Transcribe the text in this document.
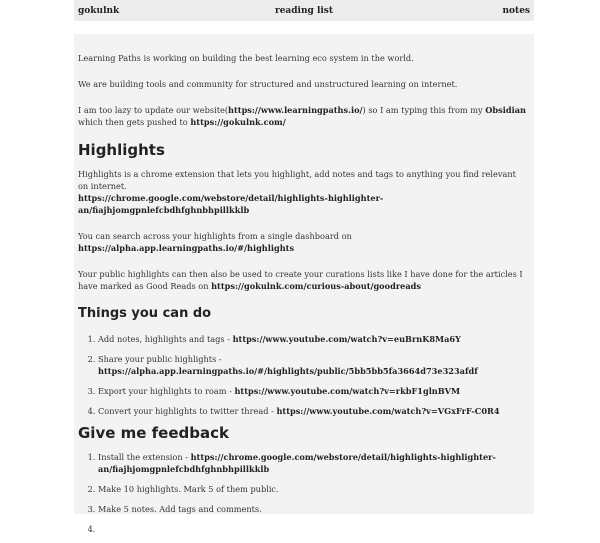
gokulnk	reading list	notes

Learning Paths is working on building the best learning eco system in the world.

We are building tools and community for structured and unstructured learning on internet.

I am too lazy to update our website(https://www.learningpaths.io/) so I am typing this from my Obsidian which then gets pushed to https://gokulnk.com/

Highlights

Highlights is a chrome extension that lets you highlight, add notes and tags to anything you find relevant on internet.
https://chrome.google.com/webstore/detail/highlights-highlighter-an/fiajhjomgpnlefcbdhfghnbhpillkklb

You can search across your highlights from a single dashboard on https://alpha.app.learningpaths.io/#/highlights

Your public highlights can then also be used to create your curations lists like I have done for the articles I have marked as Good Reads on https://gokulnk.com/curious-about/goodreads

Things you can do
1. Add notes, highlights and tags - https://www.youtube.com/watch?v=euBrnK8Ma6Y
2. Share your public highlights - https://alpha.app.learningpaths.io/#/highlights/public/5bb5bb5fa3664d73e323afdf
3. Export your highlights to roam - https://www.youtube.com/watch?v=rkbF1glnBVM
4. Convert your highlights to twitter thread - https://www.youtube.com/watch?v=VGxFrF-C0R4
Give me feedback
1. Install the extension - https://chrome.google.com/webstore/detail/highlights-highlighter-an/fiajhjomgpnlefcbdhfghnbhpillkklb
2. Make 10 highlights. Mark 5 of them public.
3. Make 5 notes. Add tags and comments.
4.
